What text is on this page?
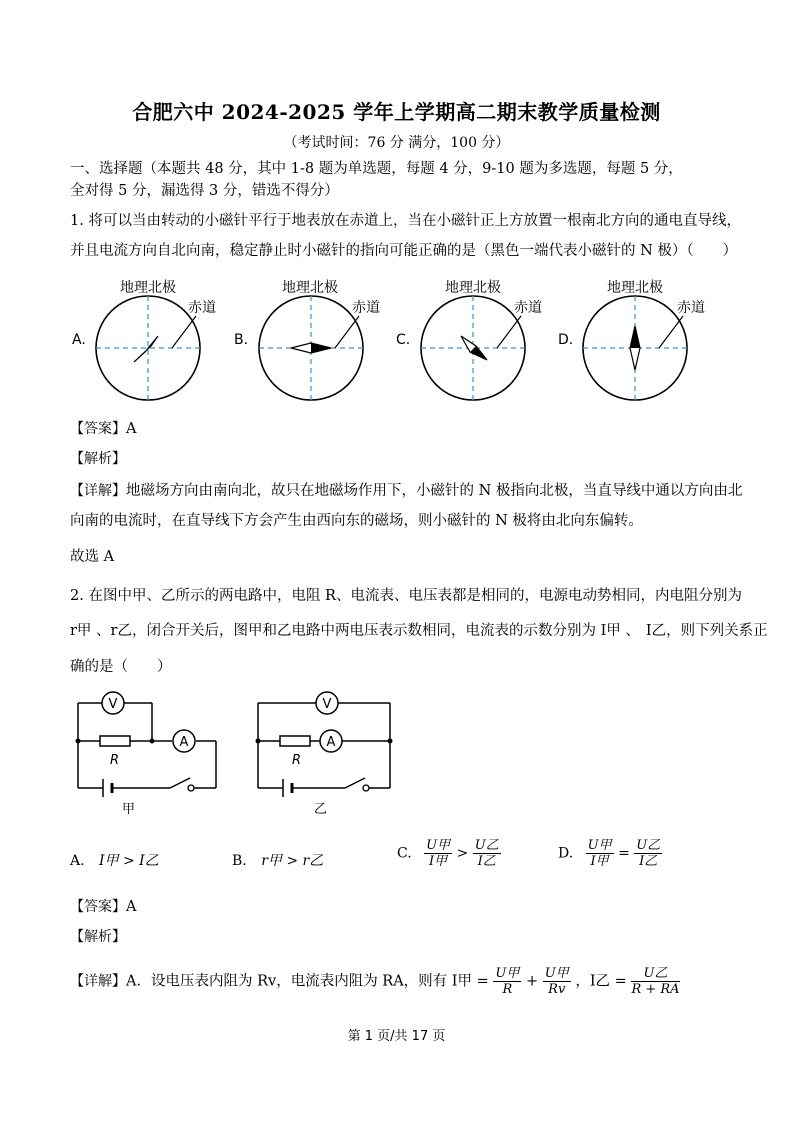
合肥六中 2024-2025 学年上学期高二期末教学质量检测
（考试时间：76 分 满分，100 分）
一、选择题（本题共 48 分，其中 1-8 题为单选题，每题 4 分，9-10 题为多选题，每题 5 分，
全对得 5 分，漏选得 3 分，错选不得分）
1. 将可以当由转动的小磁针平行于地表放在赤道上，当在小磁针正上方放置一根南北方向的通电直导线，
并且电流方向自北向南，稳定静止时小磁针的指向可能正确的是（黑色一端代表小磁针的 N 极）（　　）
地理北极
赤道
A.
地理北极
赤道
B.
地理北极
赤道
C.
地理北极
赤道
D.
【答案】A
【解析】
【详解】地磁场方向由南向北，故只在地磁场作用下，小磁针的 N 极指向北极，当直导线中通以方向由北
向南的电流时，在直导线下方会产生由西向东的磁场，则小磁针的 N 极将由北向东偏转。
故选 A
2. 在图中甲、乙所示的两电路中，电阻 R、电流表、电压表都是相同的，电源电动势相同，内电阻分别为
r甲 、r乙，闭合开关后，图甲和乙电路中两电压表示数相同，电流表的示数分别为 I甲 、 I乙，则下列关系正
确的是（　　）
V
A
R
甲
V
A
R
乙
A. I甲 > I乙	B. r甲 > r乙	C. $\frac{\text{U甲}}{\text{I甲}} > \frac{\text{U乙}}{\text{I乙}}$	D. $\frac{\text{U甲}}{\text{I甲}} = \frac{\text{U乙}}{\text{I乙}}$
【答案】A
【解析】
【详解】A．设电压表内阻为 Rv，电流表内阻为 RA，则有 I甲 = $\frac{\text{U甲}}{R} + \frac{\text{U甲}}{Rv}$ ，I乙 = $\frac{\text{U乙}}{R + RA}$
第 1 页/共 17 页
